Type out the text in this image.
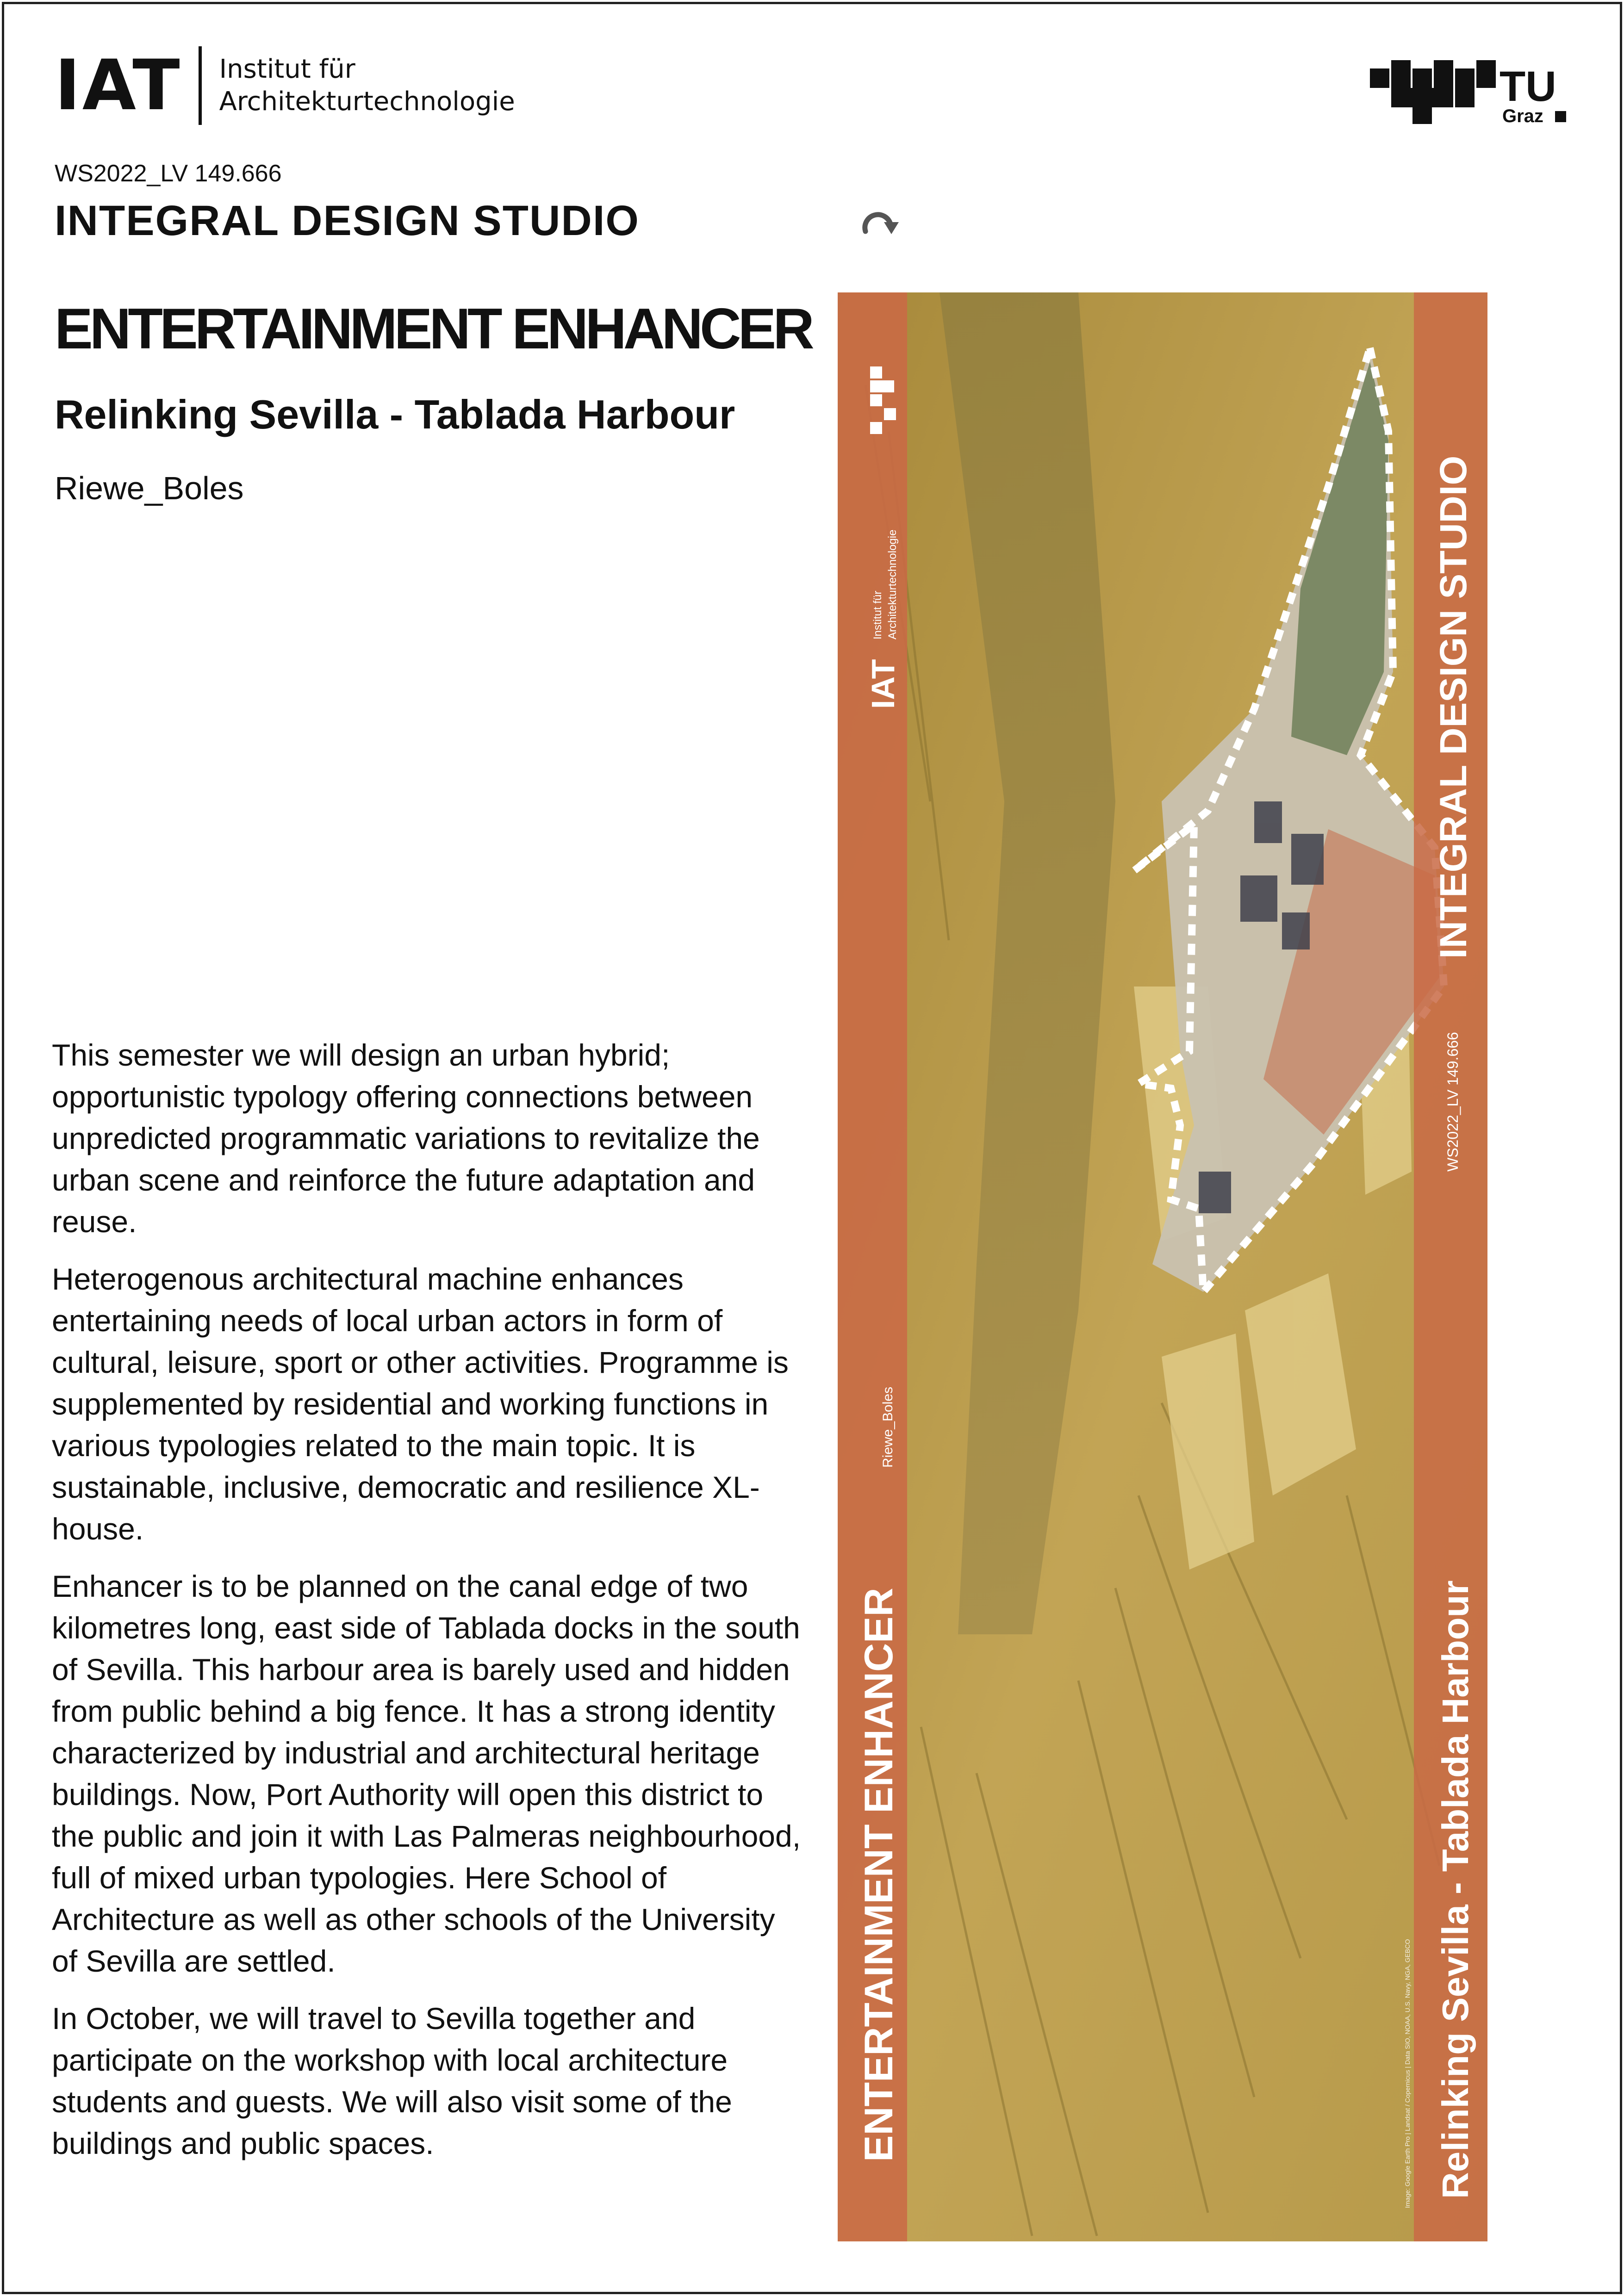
IAT Institut für
Architekturtechnologie	TU
Graz
WS2022_LV 149.666
INTEGRAL DESIGN STUDIO
ENTERTAINMENT ENHANCER
Relinking Sevilla - Tablada Harbour
Riewe_Boles

This semester we will design an urban hybrid; opportunistic typology offering connections between unpredicted programmatic variations to revitalize the urban scene and reinforce the future adaptation and reuse.

Heterogenous architectural machine enhances entertaining needs of local urban actors in form of cultural, leisure, sport or other activities. Programme is supplemented by residential and working functions in various typologies related to the main topic. It is sustainable, inclusive, democratic and resilience XL-house.

Enhancer is to be planned on the canal edge of two kilometres long, east side of Tablada docks in the south of Sevilla. This harbour area is barely used and hidden from public behind a big fence. It has a strong identity characterized by industrial and architectural heritage buildings. Now, Port Authority will open this district to the public and join it with Las Palmeras neighbourhood, full of mixed urban typologies. Here School of Architecture as well as other schools of the University of Sevilla are settled.

In October, we will travel to Sevilla together and participate on the workshop with local architecture students and guests. We will also visit some of the buildings and public spaces.	ENTERTAINMENT ENHANCER
Riewe_Boles
IAT
Institut für Architekturtechnologie	INTEGRAL DESIGN STUDIO
WS2022_LV 149.666
Relinking Sevilla - Tablada Harbour
Image: Google Earth Pro | Landsat / Copernicus | Data SIO, NOAA, U.S. Navy, NGA, GEBCO
